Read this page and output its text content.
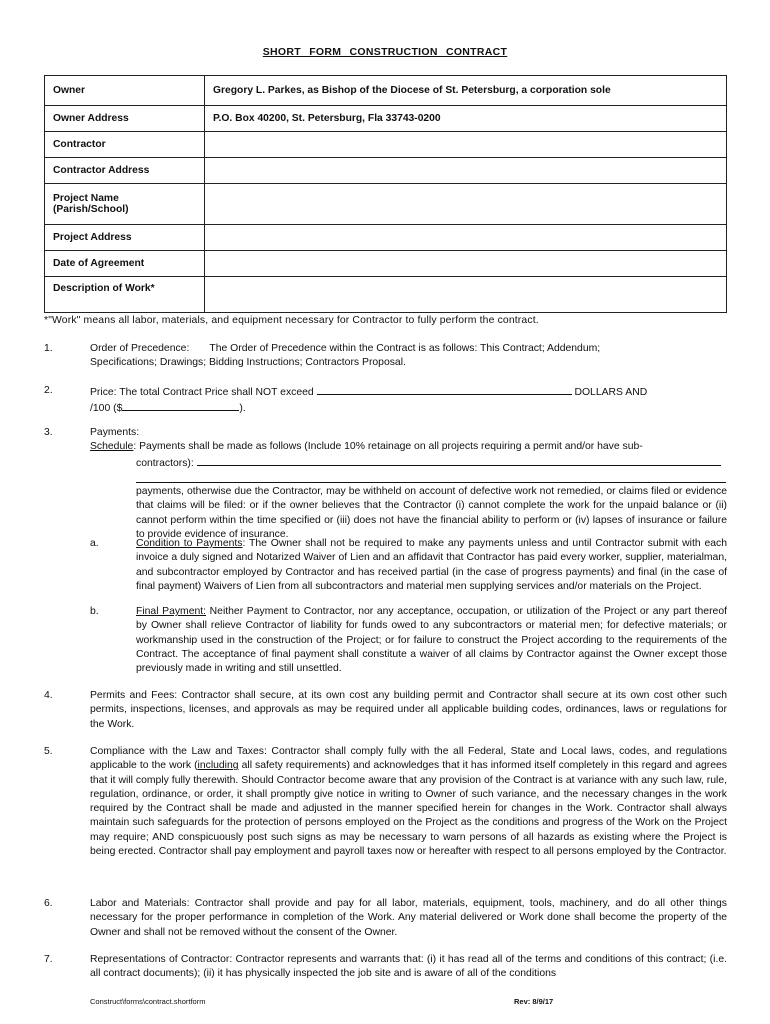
SHORT FORM CONSTRUCTION CONTRACT
Owner	Gregory L. Parkes, as Bishop of the Diocese of St. Petersburg, a corporation sole
Owner Address	P.O. Box 40200, St. Petersburg, Fla 33743-0200
Contractor	
Contractor Address	

Project Name
(Parish/School)	

Project Address	
Date of Agreement	
Description of Work*	
*"Work" means all labor, materials, and equipment necessary for Contractor to fully perform the contract.
1.	Order of Precedence:       The Order of Precedence within the Contract is as follows: This Contract; Addendum;
Specifications; Drawings; Bidding Instructions; Contractors Proposal.
2.	Price: The total Contract Price shall NOT exceed	DOLLARS AND
/100 ($	).
3.	Payments:
Schedule: Payments shall be made as follows (Include 10% retainage on all projects requiring a permit and/or have sub-
contractors):
payments, otherwise due the Contractor, may be withheld on account of defective work not remedied, or claims filed or evidence that claims will be filed: or if the owner believes that the Contractor (i) cannot complete the work for the unpaid balance or (ii) cannot perform within the time specified or (iii) does not have the financial ability to perform or (iv) lapses of insurance or failure to provide evidence of insurance.
a.	Condition to Payments: The Owner shall not be required to make any payments unless and until Contractor submit with each invoice a duly signed and Notarized Waiver of Lien and an affidavit that Contractor has paid every worker, supplier, materialman, and subcontractor employed by Contractor and has received partial (in the case of progress payments) and final (in the case of final payment) Waivers of Lien from all subcontractors and material men supplying services and/or materials on the Project.
b.	Final Payment: Neither Payment to Contractor, nor any acceptance, occupation, or utilization of the Project or any part thereof by Owner shall relieve Contractor of liability for funds owed to any subcontractors or material men; for defective materials; or workmanship used in the construction of the Project; or for failure to construct the Project according to the requirements of the Contract. The acceptance of final payment shall constitute a waiver of all claims by Contractor against the Owner except those previously made in writing and still unsettled.
4.	Permits and Fees: Contractor shall secure, at its own cost any building permit and Contractor shall secure at its own cost other such permits, inspections, licenses, and approvals as may be required under all applicable building codes, ordinances, laws or regulations for the Work.
5.	Compliance with the Law and Taxes: Contractor shall comply fully with the all Federal, State and Local laws, codes, and regulations applicable to the work (including all safety requirements) and acknowledges that it has informed itself completely in this regard and agrees that it will comply fully therewith. Should Contractor become aware that any provision of the Contract is at variance with any such law, rule, regulation, ordinance, or order, it shall promptly give notice in writing to Owner of such variance, and the necessary changes in the work required by the Contract shall be made and adjusted in the manner specified herein for changes in the Work. Contractor shall always maintain such safeguards for the protection of persons employed on the Project as the conditions and progress of the Work on the Project may require; AND conspicuously post such signs as may be necessary to warn persons of all hazards as existing where the Project is being erected. Contractor shall pay employment and payroll taxes now or hereafter with respect to all persons employed by the Contractor.
6.	Labor and Materials: Contractor shall provide and pay for all labor, materials, equipment, tools, machinery, and do all other things necessary for the proper performance in completion of the Work. Any material delivered or Work done shall become the property of the Owner and shall not be removed without the consent of the Owner.
7.	Representations of Contractor: Contractor represents and warrants that: (i) it has read all of the terms and conditions of this contract; (i.e. all contract documents); (ii) it has physically inspected the job site and is aware of all of the conditions
Construct\forms\contract.shortform	Rev: 8/9/17
